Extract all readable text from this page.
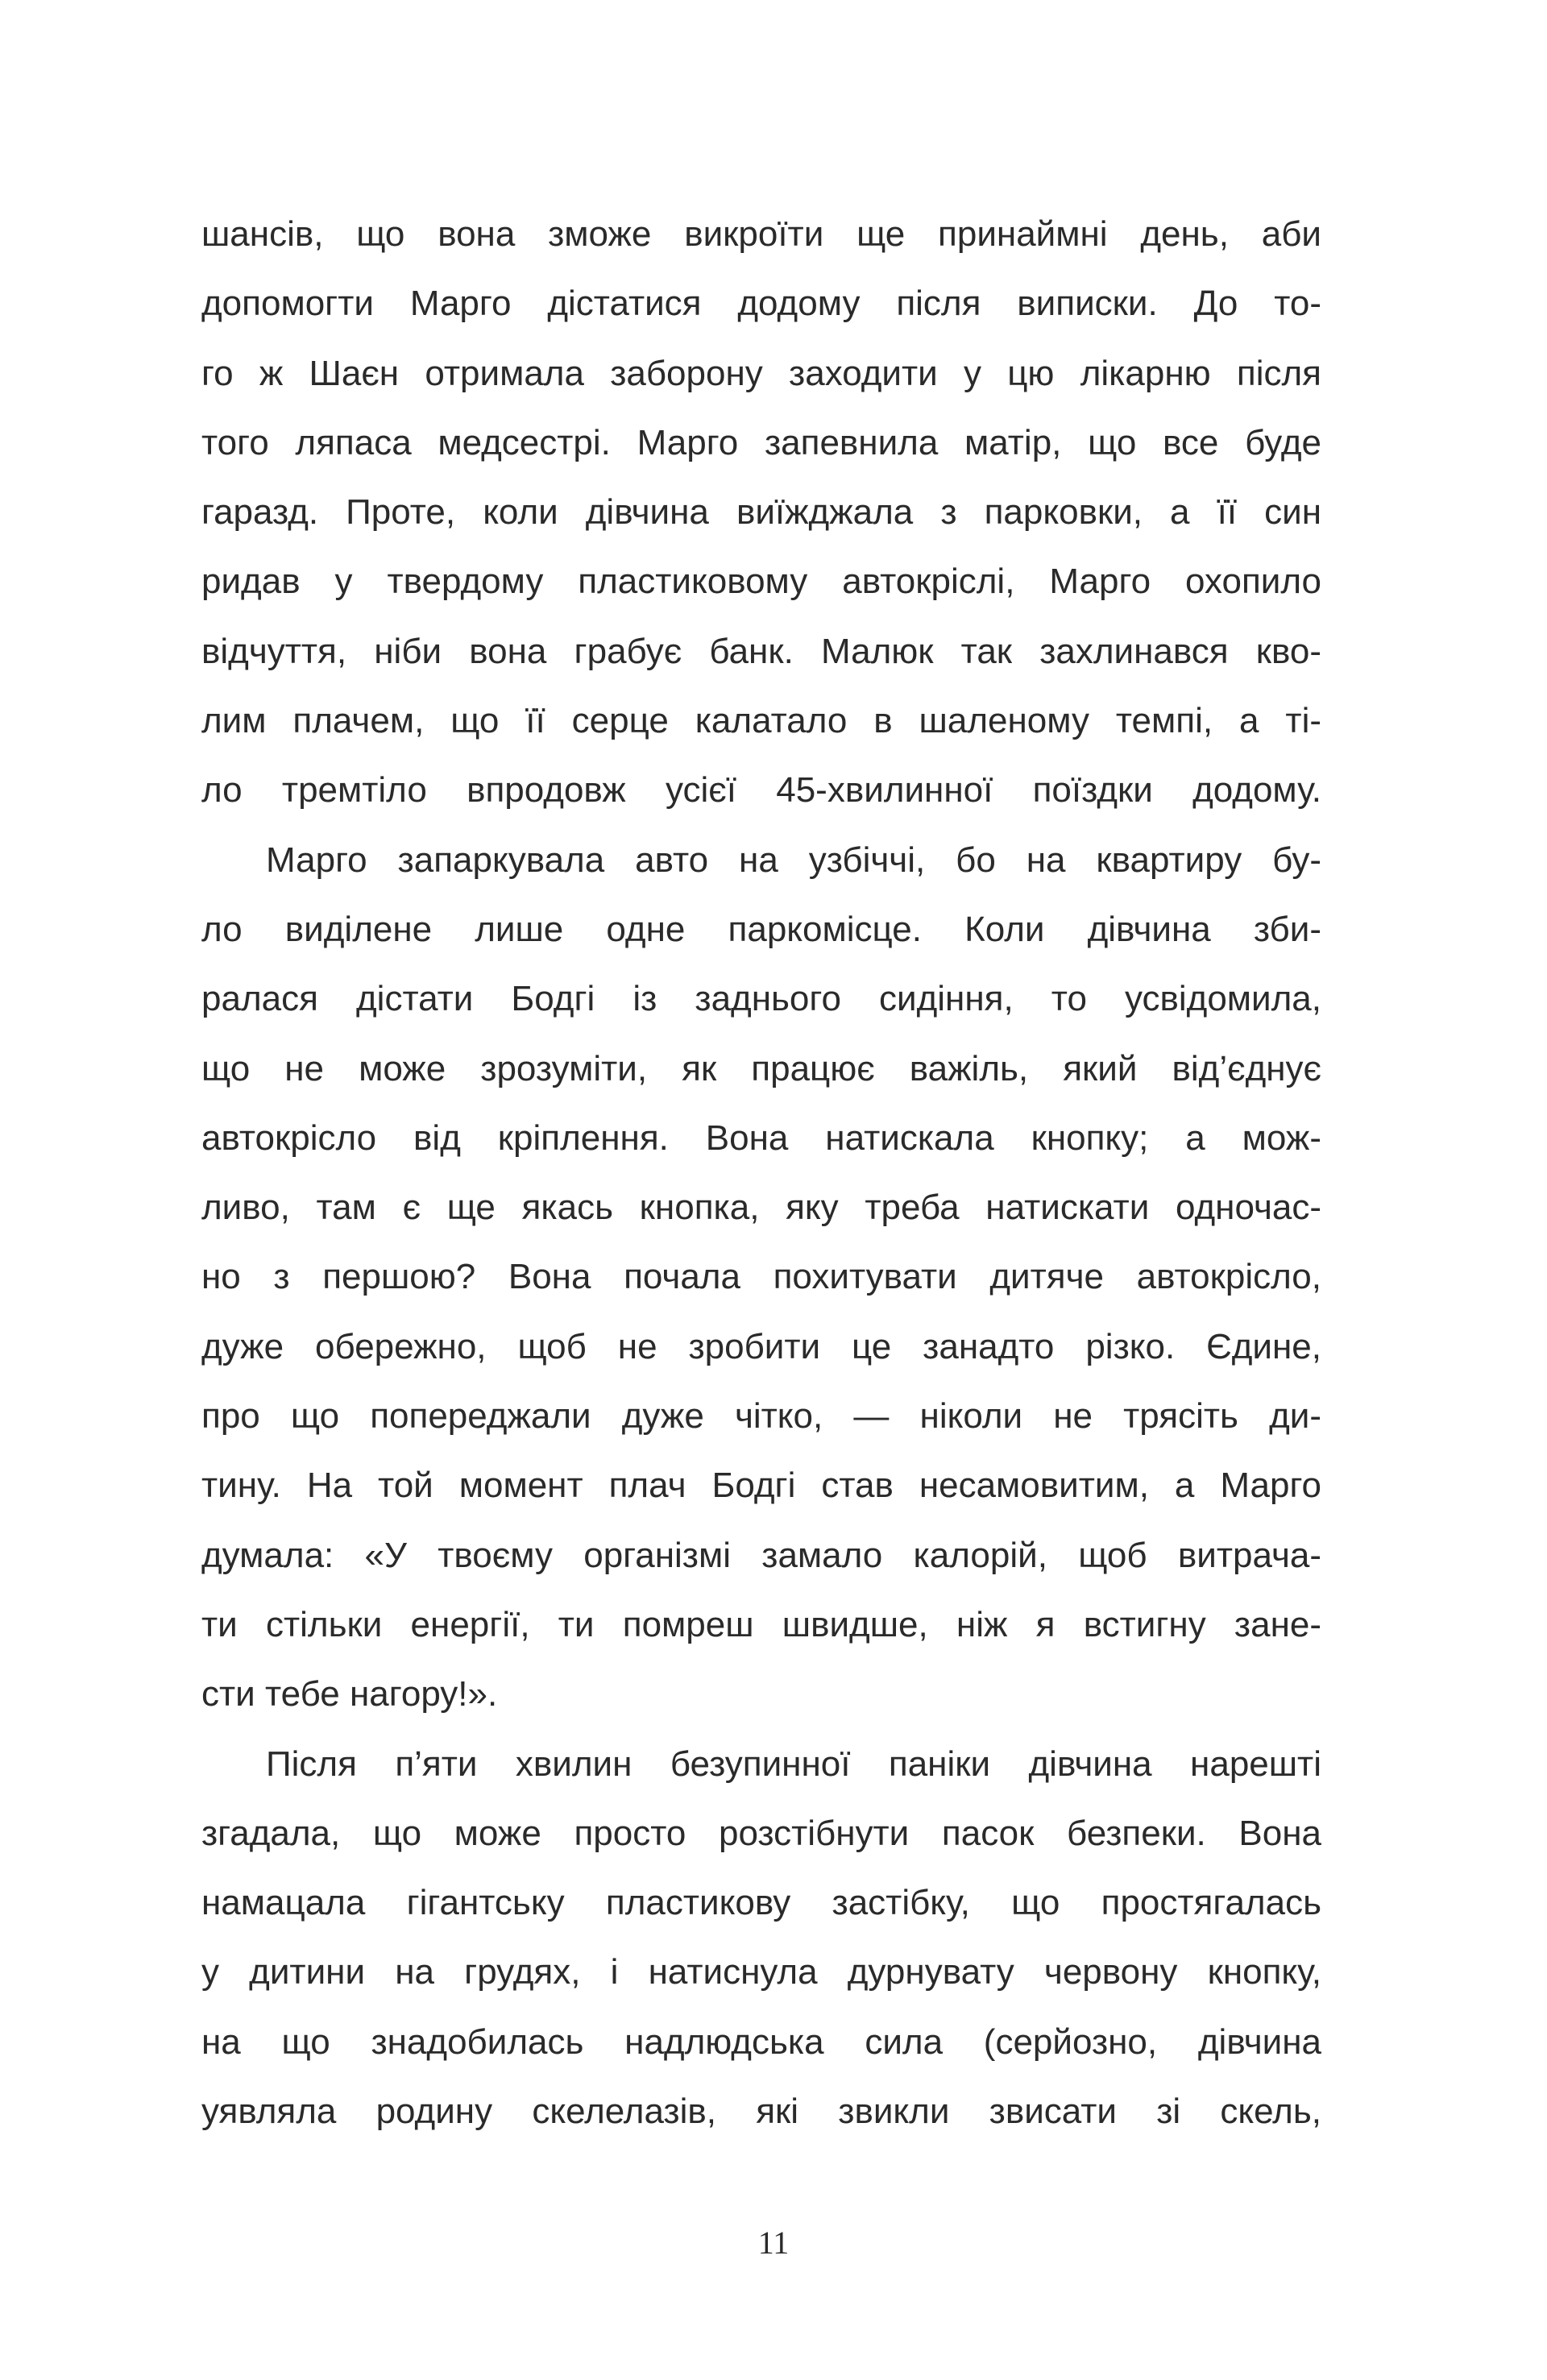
шансів, що вона зможе викроїти ще принаймні день, аби
допомогти Марго дістатися додому після виписки. До то-
го ж Шаєн отримала заборону заходити у цю лікарню після
того ляпаса медсестрі. Марго запевнила матір, що все буде
гаразд. Проте, коли дівчина виїжджала з парковки, а її син
ридав у твердому пластиковому автокріслі, Марго охопило
відчуття, ніби вона грабує банк. Малюк так захлинався кво-
лим плачем, що її серце калатало в шаленому темпі, а ті-
ло тремтіло впродовж усієї 45-хвилинної поїздки додому.
Марго запаркувала авто на узбіччі, бо на квартиру бу-
ло виділене лише одне паркомісце. Коли дівчина зби-
ралася дістати Бодгі із заднього сидіння, то усвідомила,
що не може зрозуміти, як працює важіль, який від’єднує
автокрісло від кріплення. Вона натискала кнопку; а мож-
ливо, там є ще якась кнопка, яку треба натискати одночас-
но з першою? Вона почала похитувати дитяче автокрісло,
дуже обережно, щоб не зробити це занадто різко. Єдине,
про що попереджали дуже чітко, — ніколи не трясіть ди-
тину. На той момент плач Бодгі став несамовитим, а Марго
думала: «У твоєму організмі замало калорій, щоб витрача-
ти стільки енергії, ти помреш швидше, ніж я встигну зане-
сти тебе нагору!».
Після п’яти хвилин безупинної паніки дівчина нарешті
згадала, що може просто розстібнути пасок безпеки. Вона
намацала гігантську пластикову застібку, що простягалась
у дитини на грудях, і натиснула дурнувату червону кнопку,
на що знадобилась надлюдська сила (серйозно, дівчина
уявляла родину скелелазів, які звикли звисати зі скель,
11
